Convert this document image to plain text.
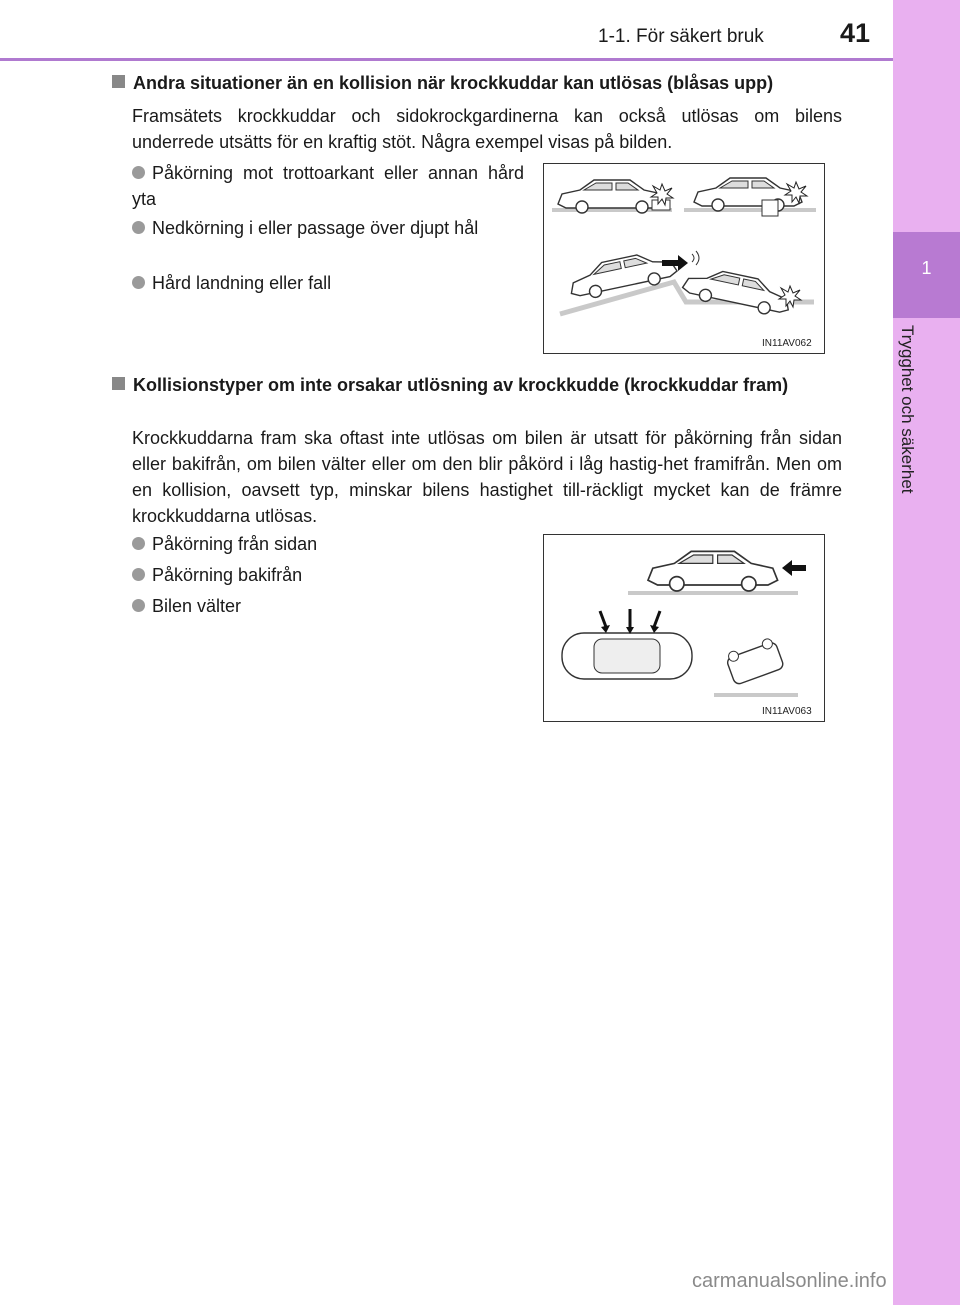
1-1. För säkert bruk	41
1
Trygghet och säkerhet
Andra situationer än en kollision när krockkuddar kan utlösas (blåsas upp)
Framsätets krockkuddar och sidokrockgardinerna kan också utlösas om bilens underrede utsätts för en kraftig stöt. Några exempel visas på bilden.
Påkörning mot trottoarkant eller annan hård yta
Nedkörning i eller passage över djupt hål
Hård landning eller fall
IN11AV062
Kollisionstyper om inte orsakar utlösning av krockkudde (krockkuddar fram)
Krockkuddarna fram ska oftast inte utlösas om bilen är utsatt för påkörning från sidan eller bakifrån, om bilen välter eller om den blir påkörd i låg hastig-het framifrån. Men om en kollision, oavsett typ, minskar bilens hastighet till-räckligt mycket kan de främre krockkuddarna utlösas.
Påkörning från sidan
Påkörning bakifrån
Bilen välter
IN11AV063
carmanualsonline.info
